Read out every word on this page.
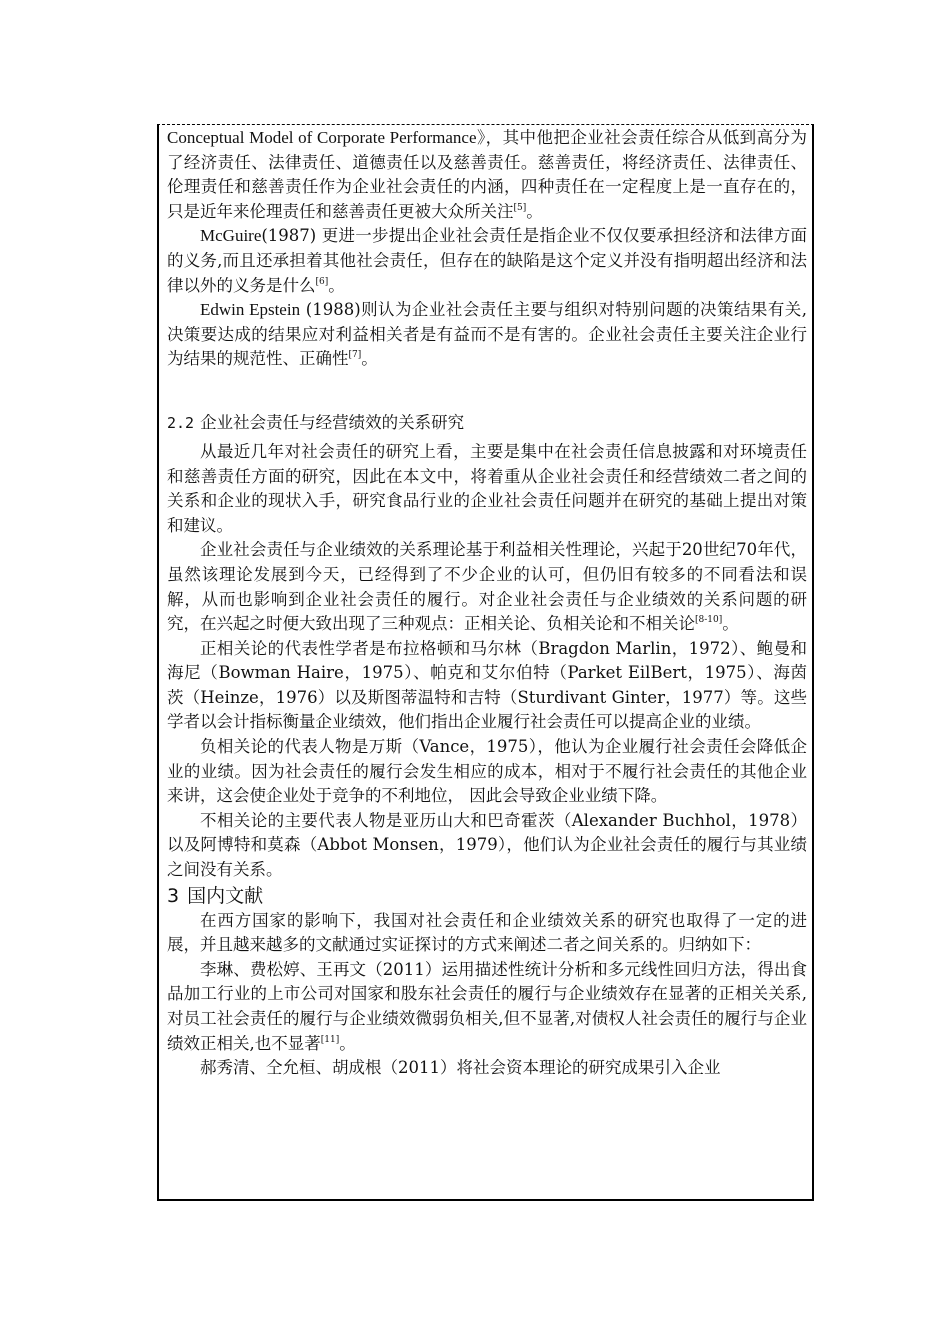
Conceptual Model of Corporate Performance》，其中他把企业社会责任综合从低到高分为了经济责任、法律责任、道德责任以及慈善责任。慈善责任，将经济责任、法律责任、伦理责任和慈善责任作为企业社会责任的内涵，四种责任在一定程度上是一直存在的，只是近年来伦理责任和慈善责任更被大众所关注[5]。

McGuire(1987) 更进一步提出企业社会责任是指企业不仅仅要承担经济和法律方面的义务,而且还承担着其他社会责任，但存在的缺陷是这个定义并没有指明超出经济和法律以外的义务是什么[6]。

Edwin Epstein (1988)则认为企业社会责任主要与组织对特别问题的决策结果有关,决策要达成的结果应对利益相关者是有益而不是有害的。企业社会责任主要关注企业行为结果的规范性、正确性[7]。

2.2 企业社会责任与经营绩效的关系研究

从最近几年对社会责任的研究上看，主要是集中在社会责任信息披露和对环境责任和慈善责任方面的研究，因此在本文中，将着重从企业社会责任和经营绩效二者之间的关系和企业的现状入手，研究食品行业的企业社会责任问题并在研究的基础上提出对策和建议。

企业社会责任与企业绩效的关系理论基于利益相关性理论，兴起于20世纪70年代，虽然该理论发展到今天，已经得到了不少企业的认可，但仍旧有较多的不同看法和误解，从而也影响到企业社会责任的履行。对企业社会责任与企业绩效的关系问题的研究，在兴起之时便大致出现了三种观点：正相关论、负相关论和不相关论[8-10]。

正相关论的代表性学者是布拉格顿和马尔林（Bragdon Marlin，1972）、鲍曼和海尼（Bowman Haire，1975）、帕克和艾尔伯特（Parket EilBert，1975）、海茵茨（Heinze，1976）以及斯图蒂温特和吉特（Sturdivant Ginter，1977）等。这些学者以会计指标衡量企业绩效，他们指出企业履行社会责任可以提高企业的业绩。

负相关论的代表人物是万斯（Vance，1975），他认为企业履行社会责任会降低企业的业绩。因为社会责任的履行会发生相应的成本，相对于不履行社会责任的其他企业来讲，这会使企业处于竞争的不利地位， 因此会导致企业业绩下降。

不相关论的主要代表人物是亚历山大和巴奇霍茨（Alexander Buchhol，1978）以及阿博特和莫森（Abbot Monsen，1979），他们认为企业社会责任的履行与其业绩之间没有关系。

3 国内文献

在西方国家的影响下，我国对社会责任和企业绩效关系的研究也取得了一定的进展，并且越来越多的文献通过实证探讨的方式来阐述二者之间关系的。归纳如下：

李琳、费松婷、王再文（2011）运用描述性统计分析和多元线性回归方法，得出食品加工行业的上市公司对国家和股东社会责任的履行与企业绩效存在显著的正相关关系,对员工社会责任的履行与企业绩效微弱负相关,但不显著,对债权人社会责任的履行与企业绩效正相关,也不显著[11]。

郝秀清、仝允桓、胡成根（2011）将社会资本理论的研究成果引入企业
